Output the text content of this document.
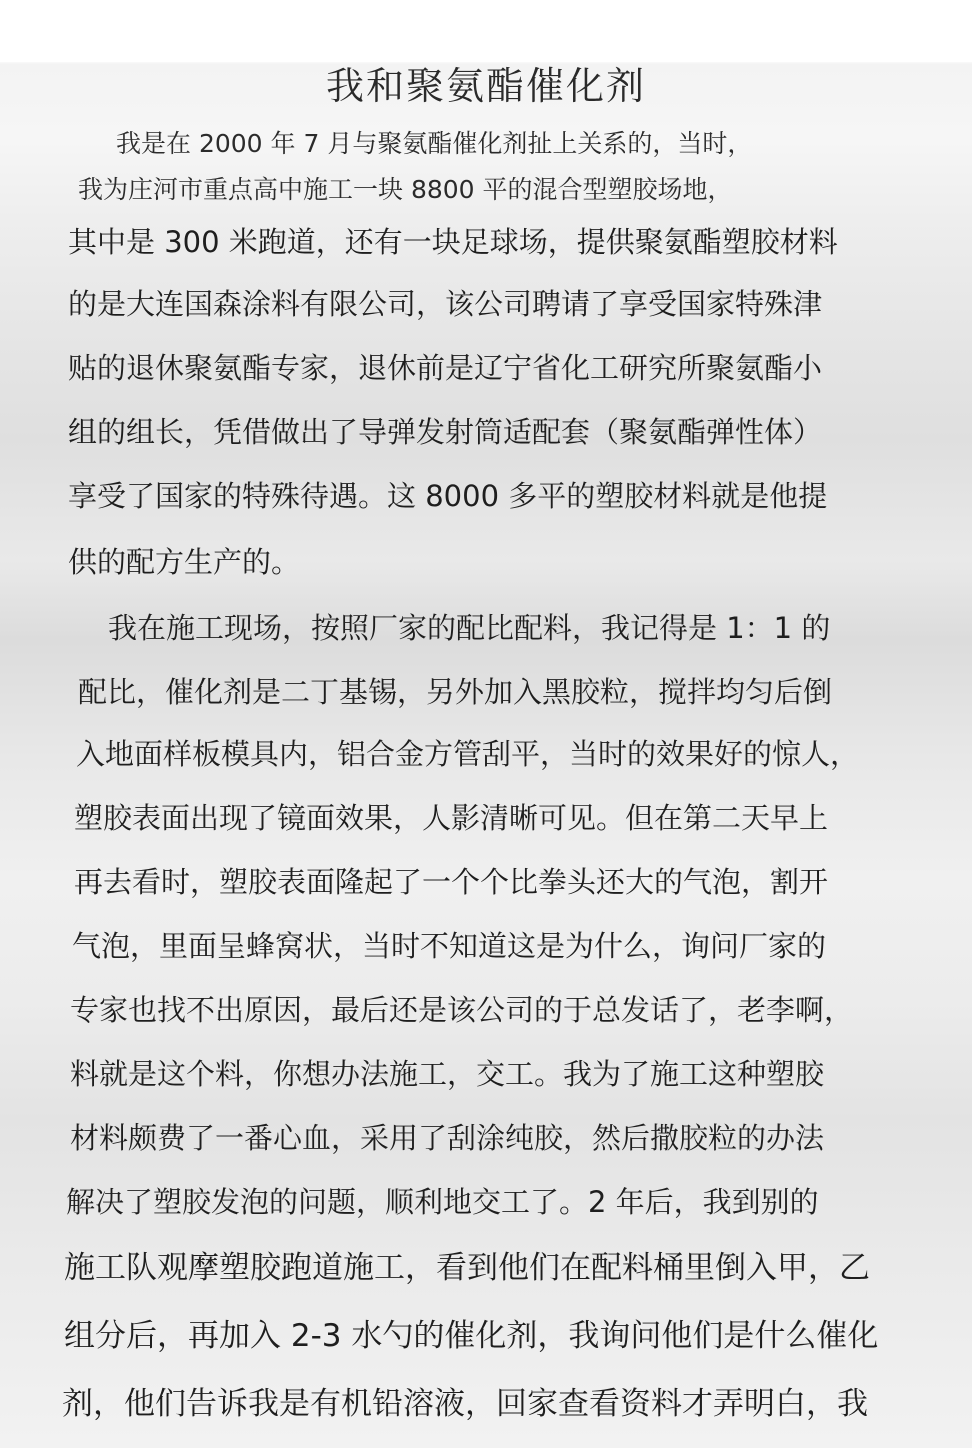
我和聚氨酯催化剂
我是在 2000 年 7 月与聚氨酯催化剂扯上关系的，当时，
我为庄河市重点高中施工一块 8800 平的混合型塑胶场地，
其中是 300 米跑道，还有一块足球场，提供聚氨酯塑胶材料
的是大连国森涂料有限公司，该公司聘请了享受国家特殊津
贴的退休聚氨酯专家，退休前是辽宁省化工研究所聚氨酯小
组的组长，凭借做出了导弹发射筒适配套（聚氨酯弹性体）
享受了国家的特殊待遇。这 8000 多平的塑胶材料就是他提
供的配方生产的。
我在施工现场，按照厂家的配比配料，我记得是 1：1 的
配比，催化剂是二丁基锡，另外加入黑胶粒，搅拌均匀后倒
入地面样板模具内，铝合金方管刮平，当时的效果好的惊人，
塑胶表面出现了镜面效果，人影清晰可见。但在第二天早上
再去看时，塑胶表面隆起了一个个比拳头还大的气泡，割开
气泡，里面呈蜂窝状，当时不知道这是为什么，询问厂家的
专家也找不出原因，最后还是该公司的于总发话了，老李啊，
料就是这个料，你想办法施工，交工。我为了施工这种塑胶
材料颇费了一番心血，采用了刮涂纯胶，然后撒胶粒的办法
解决了塑胶发泡的问题，顺利地交工了。2 年后，我到别的
施工队观摩塑胶跑道施工，看到他们在配料桶里倒入甲，乙
组分后，再加入 2-3 水勺的催化剂，我询问他们是什么催化
剂，他们告诉我是有机铅溶液，回家查看资料才弄明白，我
